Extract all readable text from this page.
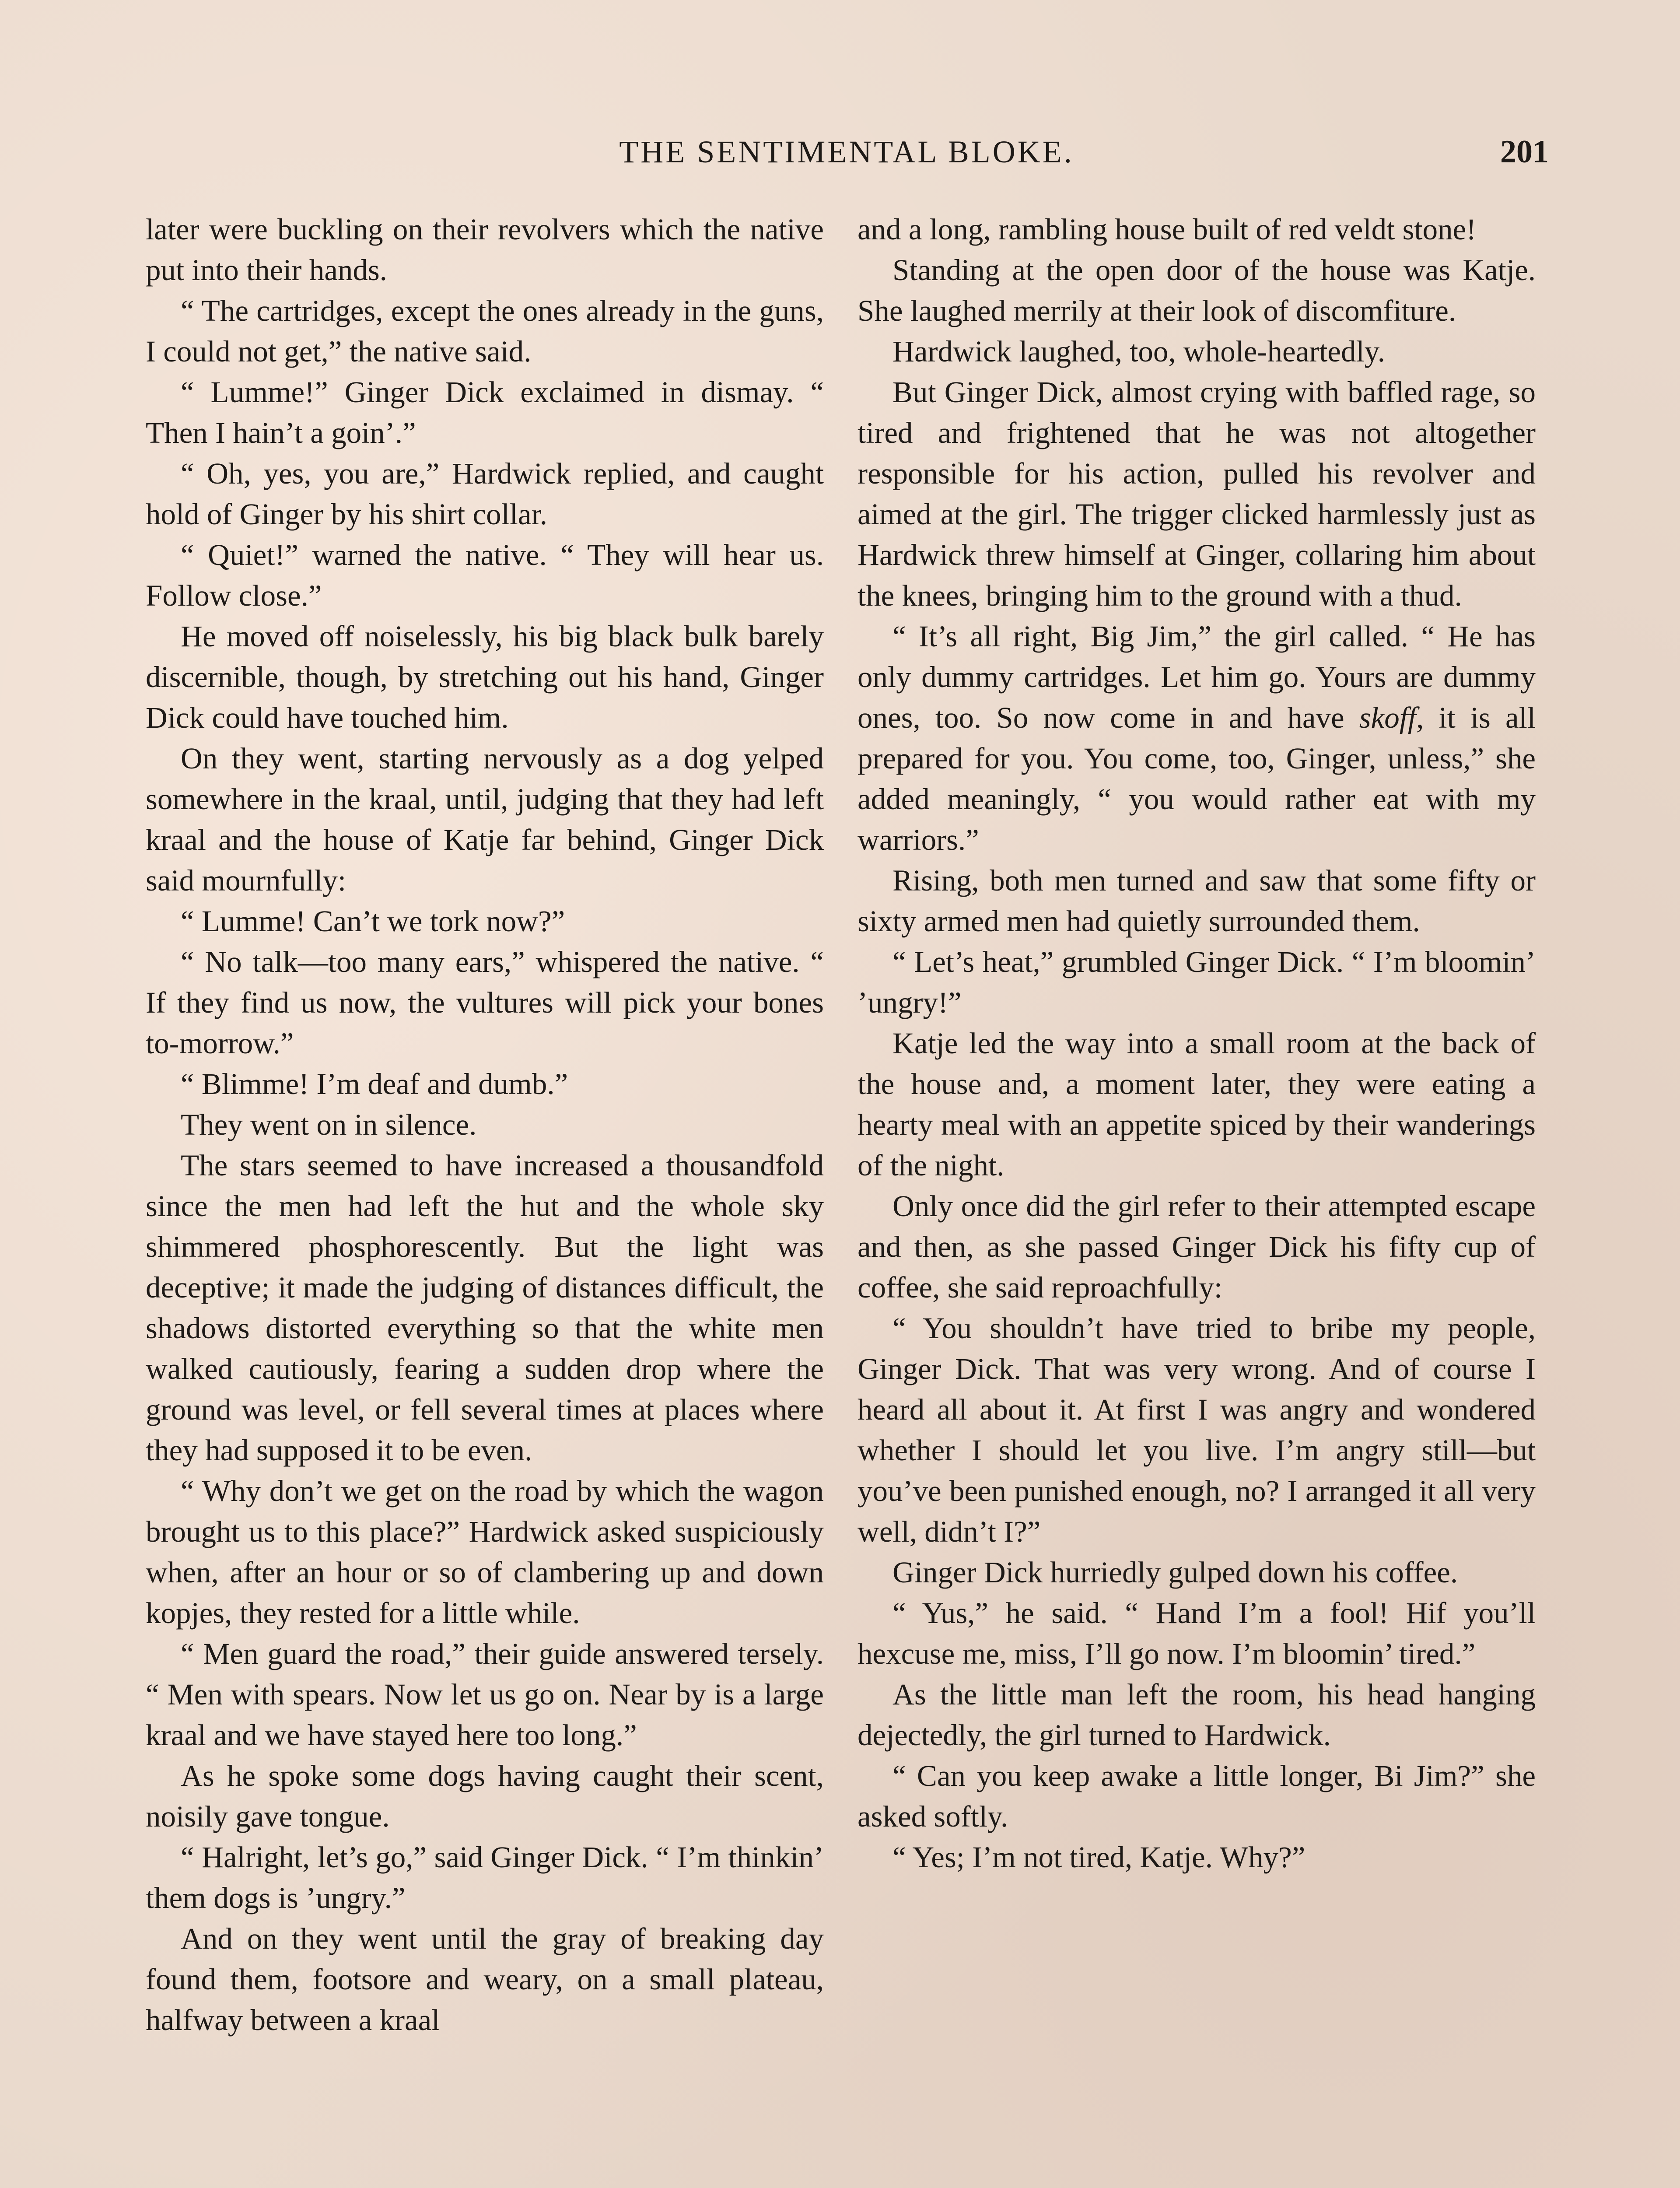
THE SENTIMENTAL BLOKE.	201

later were buckling on their revolvers which the native put into their hands.

“ The cartridges, except the ones already in the guns, I could not get,” the native said.

“ Lumme!” Ginger Dick exclaimed in dismay. “ Then I hain’t a goin’.”

“ Oh, yes, you are,” Hardwick replied, and caught hold of Ginger by his shirt collar.

“ Quiet!” warned the native. “ They will hear us. Follow close.”

He moved off noiselessly, his big black bulk barely discernible, though, by stretching out his hand, Ginger Dick could have touched him.

On they went, starting nervously as a dog yelped somewhere in the kraal, until, judging that they had left kraal and the house of Katje far behind, Ginger Dick said mournfully:

“ Lumme! Can’t we tork now?”

“ No talk—too many ears,” whispered the native. “ If they find us now, the vultures will pick your bones to-morrow.”

“ Blimme! I’m deaf and dumb.”

They went on in silence.

The stars seemed to have increased a thousandfold since the men had left the hut and the whole sky shimmered phosphorescently. But the light was deceptive; it made the judging of distances difficult, the shadows distorted everything so that the white men walked cautiously, fearing a sudden drop where the ground was level, or fell several times at places where they had supposed it to be even.

“ Why don’t we get on the road by which the wagon brought us to this place?” Hardwick asked suspiciously when, after an hour or so of clambering up and down kopjes, they rested for a little while.

“ Men guard the road,” their guide answered tersely. “ Men with spears. Now let us go on. Near by is a large kraal and we have stayed here too long.”

As he spoke some dogs having caught their scent, noisily gave tongue.

“ Halright, let’s go,” said Ginger Dick. “ I’m thinkin’ them dogs is ’ungry.”

And on they went until the gray of breaking day found them, footsore and weary, on a small plateau, halfway between a kraal

and a long, rambling house built of red veldt stone!

Standing at the open door of the house was Katje. She laughed merrily at their look of discomfiture.

Hardwick laughed, too, whole-heartedly.

But Ginger Dick, almost crying with baffled rage, so tired and frightened that he was not altogether responsible for his action, pulled his revolver and aimed at the girl. The trigger clicked harmlessly just as Hardwick threw himself at Ginger, collaring him about the knees, bringing him to the ground with a thud.

“ It’s all right, Big Jim,” the girl called. “ He has only dummy cartridges. Let him go. Yours are dummy ones, too. So now come in and have skoff, it is all prepared for you. You come, too, Ginger, unless,” she added meaningly, “ you would rather eat with my warriors.”

Rising, both men turned and saw that some fifty or sixty armed men had quietly surrounded them.

“ Let’s heat,” grumbled Ginger Dick. “ I’m bloomin’ ’ungry!”

Katje led the way into a small room at the back of the house and, a moment later, they were eating a hearty meal with an appetite spiced by their wanderings of the night.

Only once did the girl refer to their attempted escape and then, as she passed Ginger Dick his fifty cup of coffee, she said reproachfully:

“ You shouldn’t have tried to bribe my people, Ginger Dick. That was very wrong. And of course I heard all about it. At first I was angry and wondered whether I should let you live. I’m angry still—but you’ve been punished enough, no? I arranged it all very well, didn’t I?”

Ginger Dick hurriedly gulped down his coffee.

“ Yus,” he said. “ Hand I’m a fool! Hif you’ll hexcuse me, miss, I’ll go now. I’m bloomin’ tired.”

As the little man left the room, his head hanging dejectedly, the girl turned to Hardwick.

“ Can you keep awake a little longer, Bi Jim?” she asked softly.

“ Yes; I’m not tired, Katje. Why?”
